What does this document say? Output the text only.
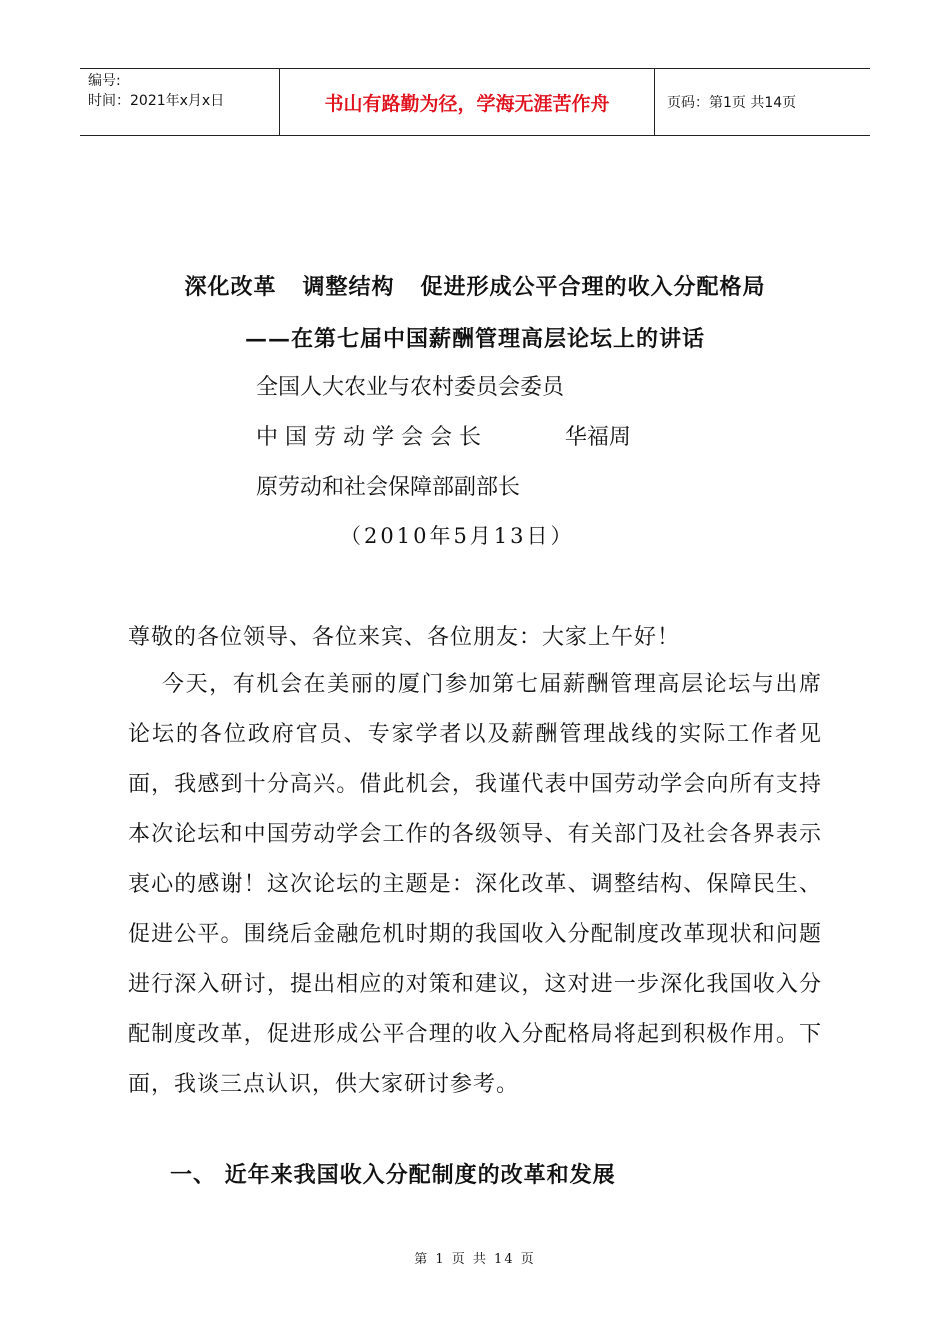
编号:
时间：2021年x月x日	书山有路勤为径，学海无涯苦作舟	页码：第1页 共14页
深化改革   调整结构   促进形成公平合理的收入分配格局
——在第七届中国薪酬管理高层论坛上的讲话
全国人大农业与农村委员会委员
中 国 劳 动 学 会 会 长            华福周
原劳动和社会保障部副部长
（2010年5月13日）
尊敬的各位领导、各位来宾、各位朋友：大家上午好！
今天，有机会在美丽的厦门参加第七届薪酬管理高层论坛与出席论坛的各位政府官员、专家学者以及薪酬管理战线的实际工作者见面，我感到十分高兴。借此机会，我谨代表中国劳动学会向所有支持本次论坛和中国劳动学会工作的各级领导、有关部门及社会各界表示衷心的感谢！这次论坛的主题是：深化改革、调整结构、保障民生、促进公平。围绕后金融危机时期的我国收入分配制度改革现状和问题进行深入研讨，提出相应的对策和建议，这对进一步深化我国收入分配制度改革，促进形成公平合理的收入分配格局将起到积极作用。下面，我谈三点认识，供大家研讨参考。
一、 近年来我国收入分配制度的改革和发展
第 1 页 共 14 页
